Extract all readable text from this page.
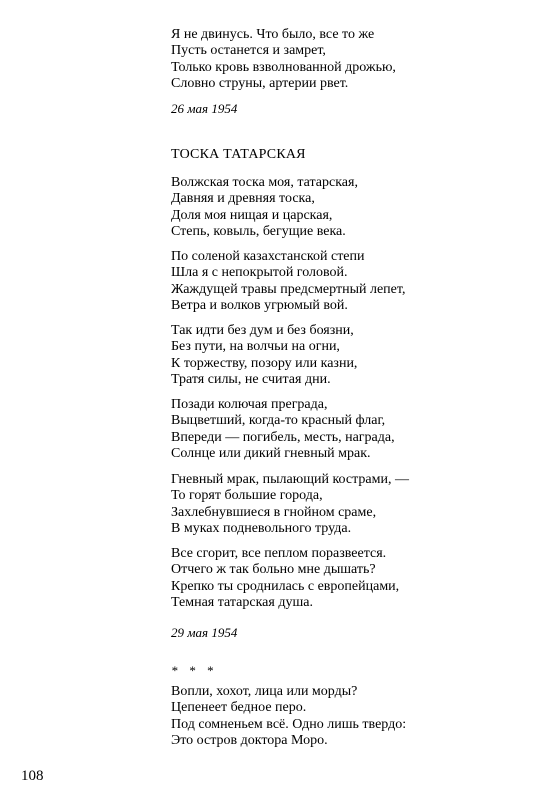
Я не двинусь. Что было, все то же
Пусть останется и замрет,
Только кровь взволнованной дрожью,
Словно струны, артерии рвет.
26 мая 1954
ТОСКА ТАТАРСКАЯ
Волжская тоска моя, татарская,
Давняя и древняя тоска,
Доля моя нищая и царская,
Степь, ковыль, бегущие века.
По соленой казахстанской степи
Шла я с непокрытой головой.
Жаждущей травы предсмертный лепет,
Ветра и волков угрюмый вой.
Так идти без дум и без боязни,
Без пути, на волчьи на огни,
К торжеству, позору или казни,
Тратя силы, не считая дни.
Позади колючая преграда,
Выцветший, когда-то красный флаг,
Впереди — погибель, месть, награда,
Солнце или дикий гневный мрак.
Гневный мрак, пылающий кострами, —
То горят большие города,
Захлебнувшиеся в гнойном сраме,
В муках подневольного труда.
Все сгорит, все пеплом поразвеется.
Отчего ж так больно мне дышать?
Крепко ты сроднилась с европейцами,
Темная татарская душа.
29 мая 1954
* * *
Вопли, хохот, лица или морды?
Цепенеет бедное перо.
Под сомненьем всё. Одно лишь твердо:
Это остров доктора Моро.
108
